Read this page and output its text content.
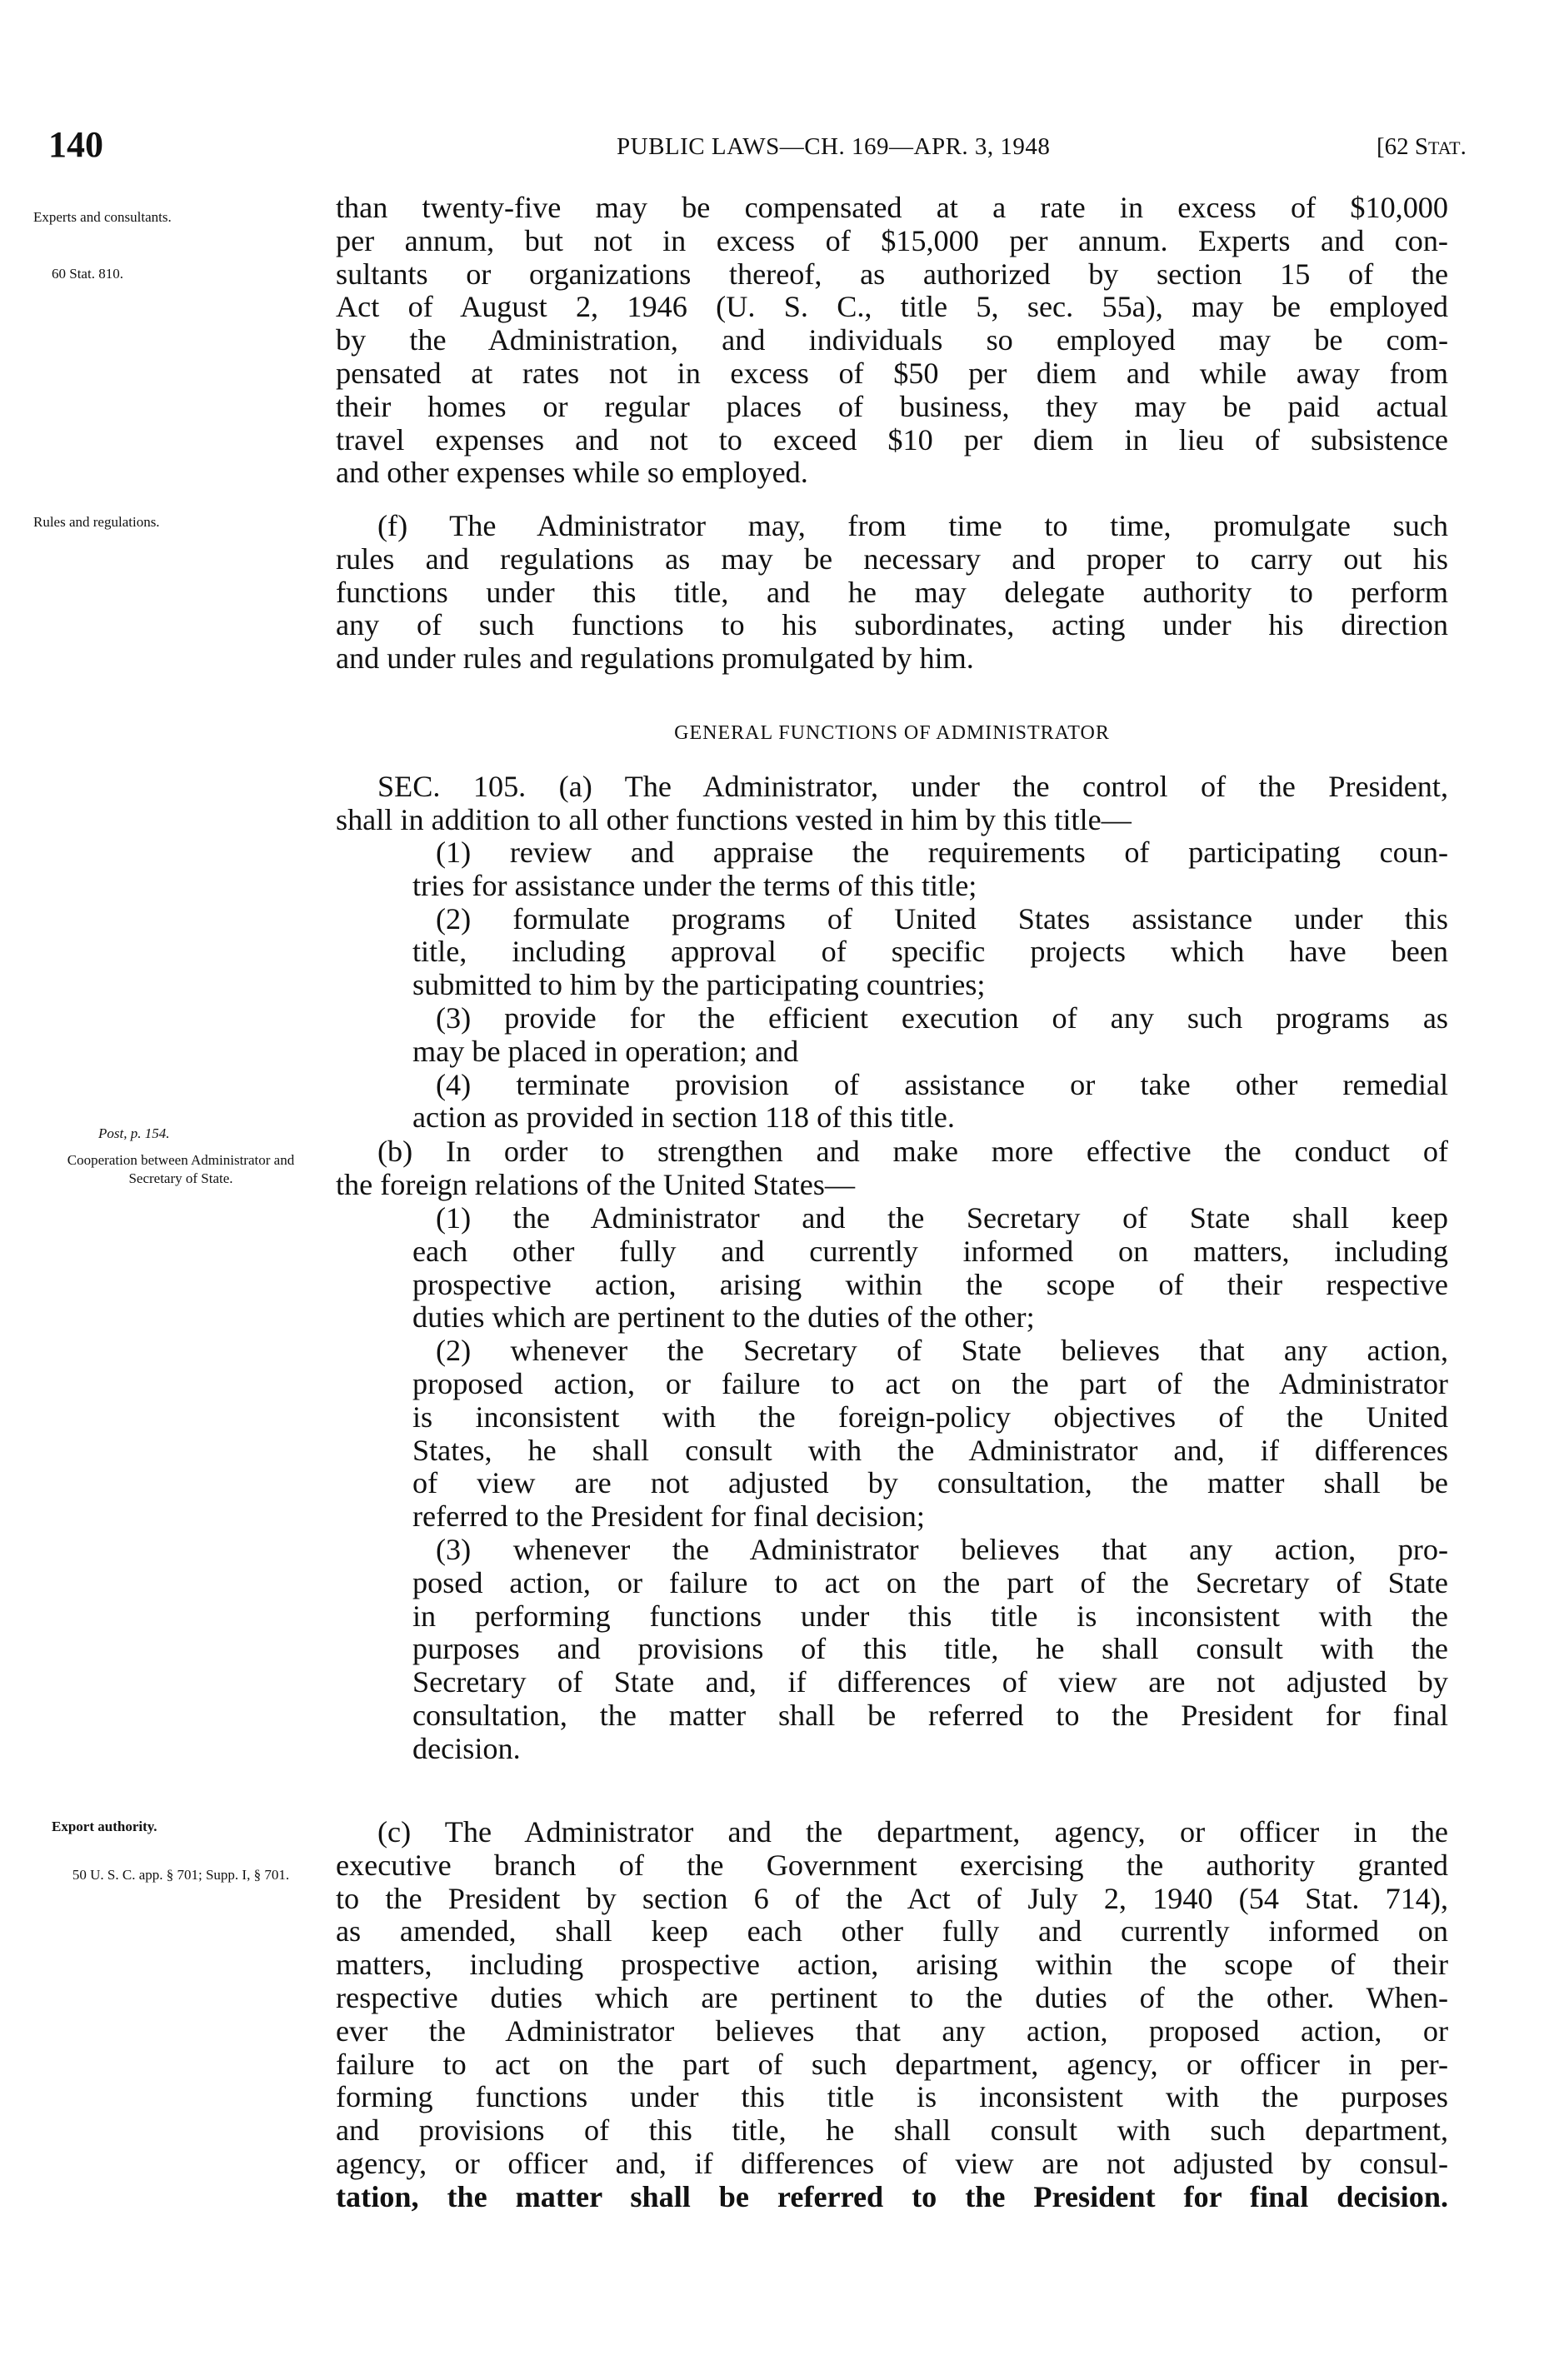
140	PUBLIC LAWS—CH. 169—APR. 3, 1948	[62 STAT.
Experts and consultants.
60 Stat. 810.
Rules and regulations.
Post, p. 154.
Cooperation between Administrator and Secretary of State.
Export authority.
50 U. S. C. app. § 701; Supp. I, § 701.
than twenty-five may be compensated at a rate in excess of $10,000
per annum, but not in excess of $15,000 per annum. Experts and con-
sultants or organizations thereof, as authorized by section 15 of the
Act of August 2, 1946 (U. S. C., title 5, sec. 55a), may be employed
by the Administration, and individuals so employed may be com-
pensated at rates not in excess of $50 per diem and while away from
their homes or regular places of business, they may be paid actual
travel expenses and not to exceed $10 per diem in lieu of subsistence
and other expenses while so employed.
(f) The Administrator may, from time to time, promulgate such
rules and regulations as may be necessary and proper to carry out his
functions under this title, and he may delegate authority to perform
any of such functions to his subordinates, acting under his direction
and under rules and regulations promulgated by him.
GENERAL FUNCTIONS OF ADMINISTRATOR
SEC. 105. (a) The Administrator, under the control of the President,
shall in addition to all other functions vested in him by this title—
(1) review and appraise the requirements of participating coun-
tries for assistance under the terms of this title;
(2) formulate programs of United States assistance under this
title, including approval of specific projects which have been
submitted to him by the participating countries;
(3) provide for the efficient execution of any such programs as
may be placed in operation; and
(4) terminate provision of assistance or take other remedial
action as provided in section 118 of this title.
(b) In order to strengthen and make more effective the conduct of
the foreign relations of the United States—
(1) the Administrator and the Secretary of State shall keep
each other fully and currently informed on matters, including
prospective action, arising within the scope of their respective
duties which are pertinent to the duties of the other;
(2) whenever the Secretary of State believes that any action,
proposed action, or failure to act on the part of the Administrator
is inconsistent with the foreign-policy objectives of the United
States, he shall consult with the Administrator and, if differences
of view are not adjusted by consultation, the matter shall be
referred to the President for final decision;
(3) whenever the Administrator believes that any action, pro-
posed action, or failure to act on the part of the Secretary of State
in performing functions under this title is inconsistent with the
purposes and provisions of this title, he shall consult with the
Secretary of State and, if differences of view are not adjusted by
consultation, the matter shall be referred to the President for final
decision.
(c) The Administrator and the department, agency, or officer in the
executive branch of the Government exercising the authority granted
to the President by section 6 of the Act of July 2, 1940 (54 Stat. 714),
as amended, shall keep each other fully and currently informed on
matters, including prospective action, arising within the scope of their
respective duties which are pertinent to the duties of the other. When-
ever the Administrator believes that any action, proposed action, or
failure to act on the part of such department, agency, or officer in per-
forming functions under this title is inconsistent with the purposes
and provisions of this title, he shall consult with such department,
agency, or officer and, if differences of view are not adjusted by consul-
tation, the matter shall be referred to the President for final decision.
